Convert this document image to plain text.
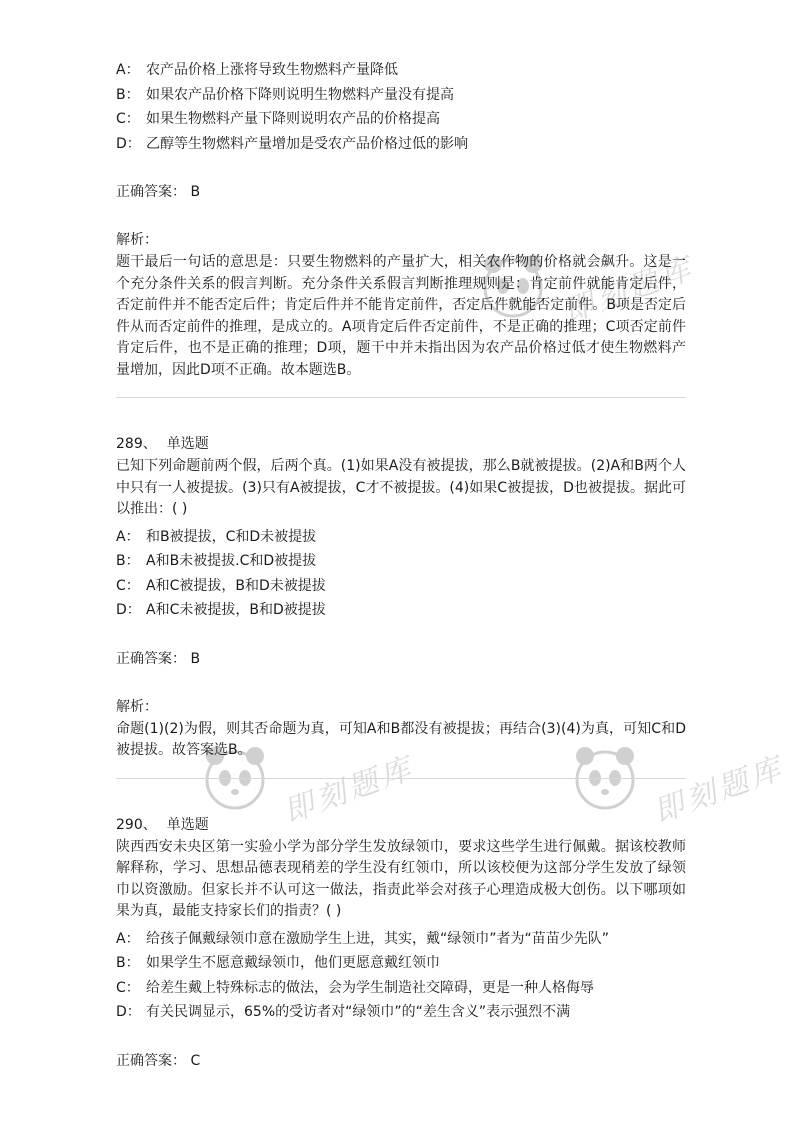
即刻题库
即刻题库	即刻题库

A： 农产品价格上涨将导致生物燃料产量降低

B： 如果农产品价格下降则说明生物燃料产量没有提高

C： 如果生物燃料产量下降则说明农产品的价格提高

D： 乙醇等生物燃料产量增加是受农产品价格过低的影响

正确答案： B

解析：

题干最后一句话的意思是：只要生物燃料的产量扩大，相关农作物的价格就会飙升。这是一个充分条件关系的假言判断。充分条件关系假言判断推理规则是：肯定前件就能肯定后件，否定前件并不能否定后件；肯定后件并不能肯定前件，否定后件就能否定前件。B项是否定后件从而否定前件的推理，是成立的。A项肯定后件否定前件，不是正确的推理；C项否定前件肯定后件，也不是正确的推理；D项，题干中并未指出因为农产品价格过低才使生物燃料产量增加，因此D项不正确。故本题选B。

289、 单选题

已知下列命题前两个假，后两个真。(1)如果A没有被提拔，那么B就被提拔。(2)A和B两个人中只有一人被提拔。(3)只有A被提拔，C才不被提拔。(4)如果C被提拔，D也被提拔。据此可以推出：( )

A： 和B被提拔，C和D未被提拔

B： A和B未被提拔.C和D被提拔

C： A和C被提拔，B和D未被提拔

D： A和C未被提拔，B和D被提拔

正确答案： B

解析：

命题(1)(2)为假，则其否命题为真，可知A和B都没有被提拔；再结合(3)(4)为真，可知C和D被提拔。故答案选B。

290、 单选题

陕西西安未央区第一实验小学为部分学生发放绿领巾，要求这些学生进行佩戴。据该校教师解释称，学习、思想品德表现稍差的学生没有红领巾，所以该校便为这部分学生发放了绿领巾以资激励。但家长并不认可这一做法，指责此举会对孩子心理造成极大创伤。以下哪项如果为真，最能支持家长们的指责？( )

A： 给孩子佩戴绿领巾意在激励学生上进，其实，戴“绿领巾”者为“苗苗少先队”

B： 如果学生不愿意戴绿领巾，他们更愿意戴红领巾

C： 给差生戴上特殊标志的做法，会为学生制造社交障碍，更是一种人格侮辱

D： 有关民调显示，65%的受访者对“绿领巾”的“差生含义”表示强烈不满

正确答案： C
